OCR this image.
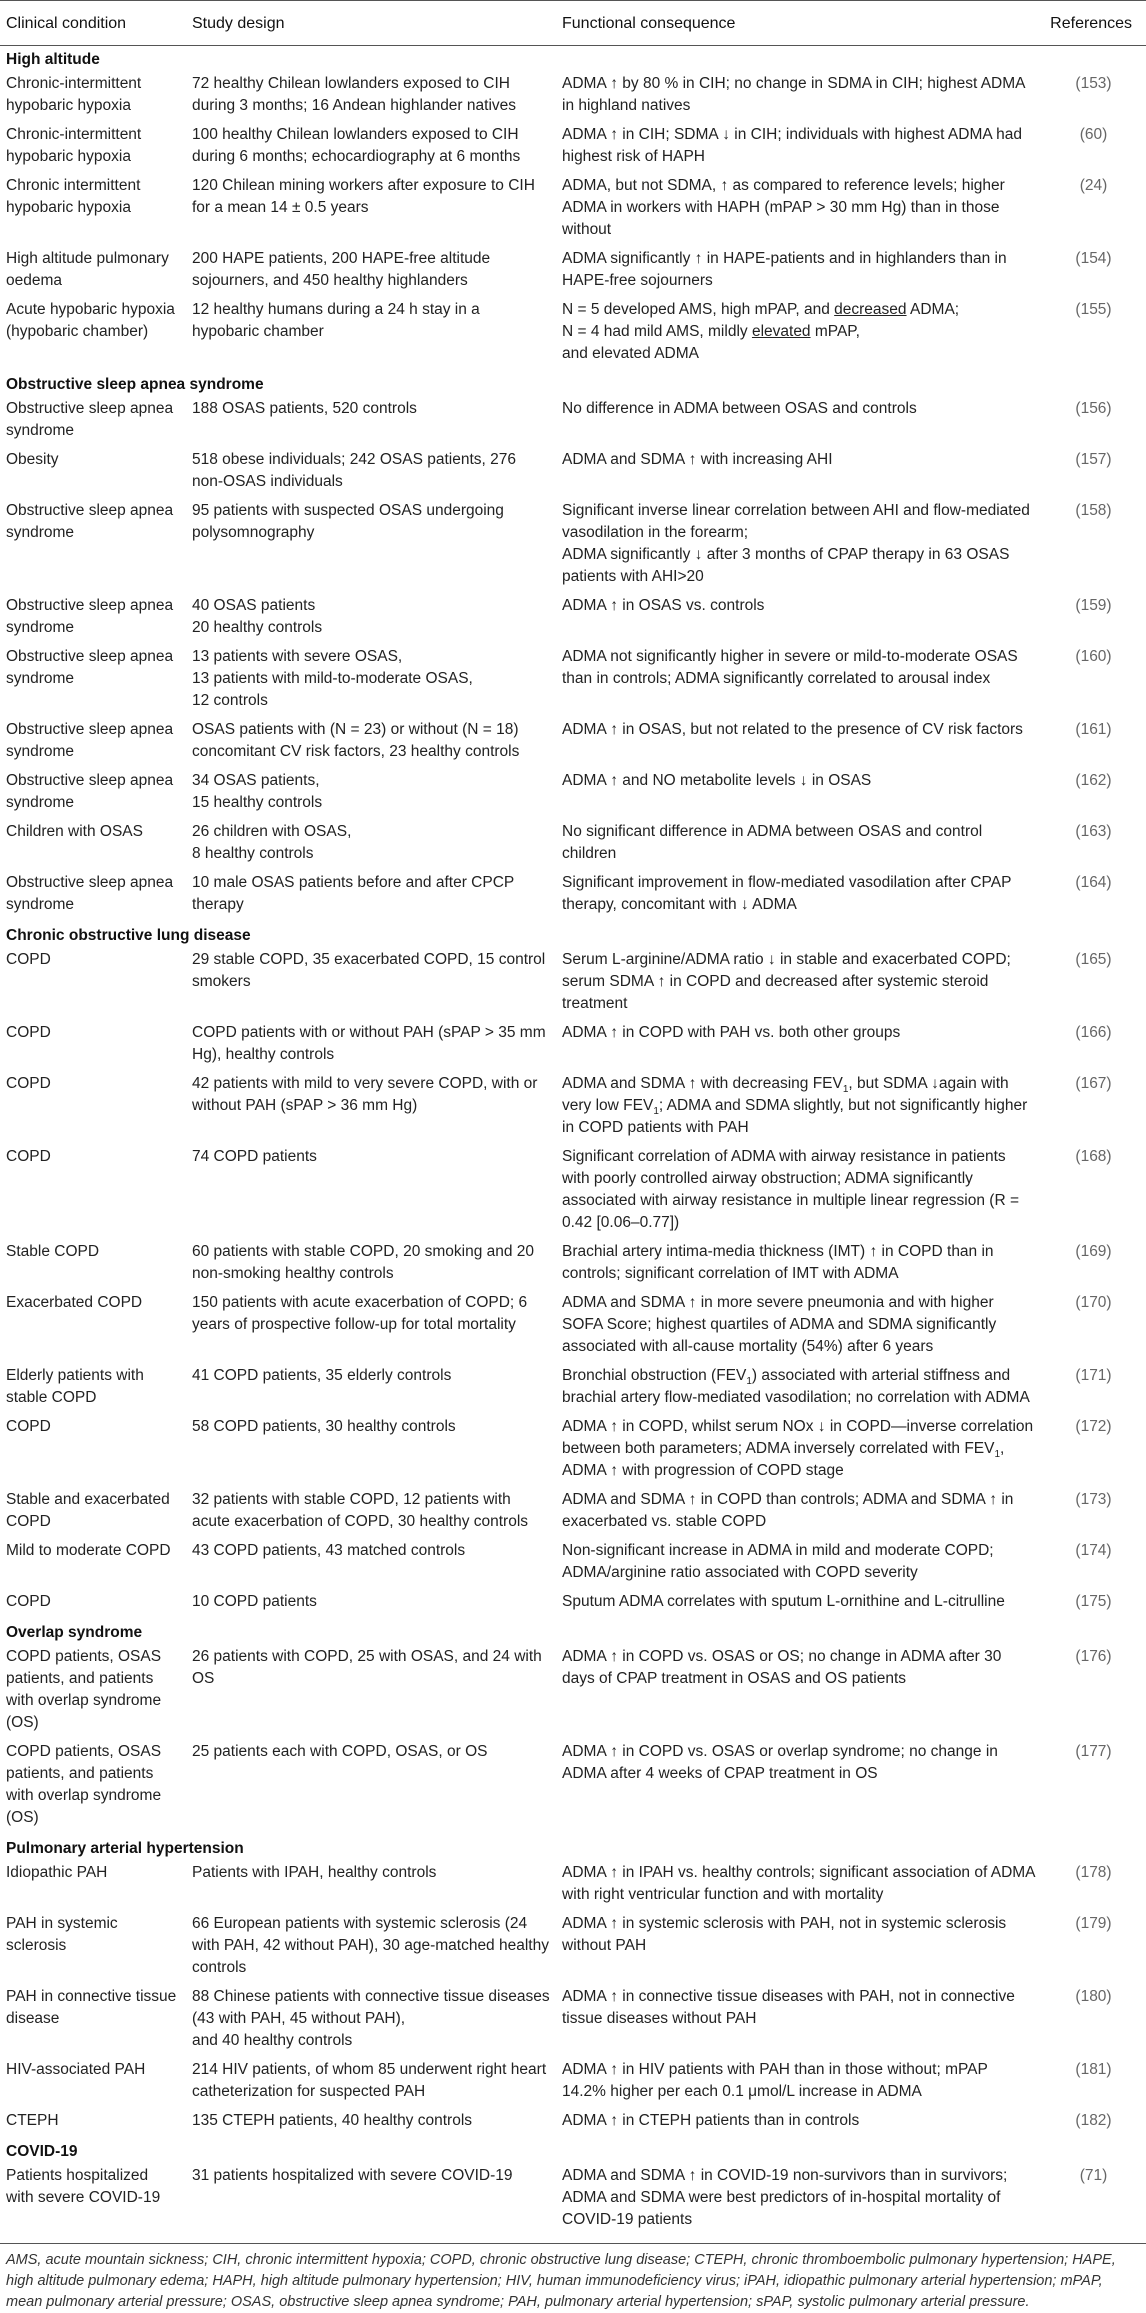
Clinical condition	Study design	Functional consequence	References
High altitude			
Chronic-intermittent hypobaric hypoxia	72 healthy Chilean lowlanders exposed to CIH during 3 months; 16 Andean highlander natives	ADMA ↑ by 80 % in CIH; no change in SDMA in CIH; highest ADMA in highland natives	(153)
Chronic-intermittent hypobaric hypoxia	100 healthy Chilean lowlanders exposed to CIH during 6 months; echocardiography at 6 months	ADMA ↑ in CIH; SDMA ↓ in CIH; individuals with highest ADMA had highest risk of HAPH	(60)
Chronic intermittent hypobaric hypoxia	120 Chilean mining workers after exposure to CIH for a mean 14 ± 0.5 years	ADMA, but not SDMA, ↑ as compared to reference levels; higher ADMA in workers with HAPH (mPAP > 30 mm Hg) than in those without	(24)
High altitude pulmonary oedema	200 HAPE patients, 200 HAPE-free altitude sojourners, and 450 healthy highlanders	ADMA significantly ↑ in HAPE-patients and in highlanders than in HAPE-free sojourners	(154)
Acute hypobaric hypoxia (hypobaric chamber)	12 healthy humans during a 24 h stay in a hypobaric chamber	N = 5 developed AMS, high mPAP, and decreased ADMA;
N = 4 had mild AMS, mildly elevated mPAP,
and elevated ADMA	(155)
Obstructive sleep apnea syndrome			
Obstructive sleep apnea syndrome	188 OSAS patients, 520 controls	No difference in ADMA between OSAS and controls	(156)
Obesity	518 obese individuals; 242 OSAS patients, 276 non-OSAS individuals	ADMA and SDMA ↑ with increasing AHI	(157)
Obstructive sleep apnea syndrome	95 patients with suspected OSAS undergoing polysomnography	Significant inverse linear correlation between AHI and flow-mediated vasodilation in the forearm;
ADMA significantly ↓ after 3 months of CPAP therapy in 63 OSAS patients with AHI>20	(158)
Obstructive sleep apnea syndrome	40 OSAS patients
20 healthy controls	ADMA ↑ in OSAS vs. controls	(159)
Obstructive sleep apnea syndrome	13 patients with severe OSAS,
13 patients with mild-to-moderate OSAS,
12 controls	ADMA not significantly higher in severe or mild-to-moderate OSAS than in controls; ADMA significantly correlated to arousal index	(160)
Obstructive sleep apnea syndrome	OSAS patients with (N = 23) or without (N = 18) concomitant CV risk factors, 23 healthy controls	ADMA ↑ in OSAS, but not related to the presence of CV risk factors	(161)
Obstructive sleep apnea syndrome	34 OSAS patients,
15 healthy controls	ADMA ↑ and NO metabolite levels ↓ in OSAS	(162)
Children with OSAS	26 children with OSAS,
8 healthy controls	No significant difference in ADMA between OSAS and control children	(163)
Obstructive sleep apnea syndrome	10 male OSAS patients before and after CPCP therapy	Significant improvement in flow-mediated vasodilation after CPAP therapy, concomitant with ↓ ADMA	(164)
Chronic obstructive lung disease			
COPD	29 stable COPD, 35 exacerbated COPD, 15 control smokers	Serum L-arginine/ADMA ratio ↓ in stable and exacerbated COPD; serum SDMA ↑ in COPD and decreased after systemic steroid treatment	(165)
COPD	COPD patients with or without PAH (sPAP > 35 mm Hg), healthy controls	ADMA ↑ in COPD with PAH vs. both other groups	(166)
COPD	42 patients with mild to very severe COPD, with or without PAH (sPAP > 36 mm Hg)	ADMA and SDMA ↑ with decreasing $FEV_1$, but SDMA ↓again with very low $FEV_1$; ADMA and SDMA slightly, but not significantly higher in COPD patients with PAH	(167)
COPD	74 COPD patients	Significant correlation of ADMA with airway resistance in patients with poorly controlled airway obstruction; ADMA significantly associated with airway resistance in multiple linear regression (R = 0.42 [0.06–0.77])	(168)
Stable COPD	60 patients with stable COPD, 20 smoking and 20 non-smoking healthy controls	Brachial artery intima-media thickness (IMT) ↑ in COPD than in controls; significant correlation of IMT with ADMA	(169)
Exacerbated COPD	150 patients with acute exacerbation of COPD; 6 years of prospective follow-up for total mortality	ADMA and SDMA ↑ in more severe pneumonia and with higher SOFA Score; highest quartiles of ADMA and SDMA significantly associated with all-cause mortality (54%) after 6 years	(170)
Elderly patients with stable COPD	41 COPD patients, 35 elderly controls	Bronchial obstruction $(FEV_1)$ associated with arterial stiffness and brachial artery flow-mediated vasodilation; no correlation with ADMA	(171)
COPD	58 COPD patients, 30 healthy controls	ADMA ↑ in COPD, whilst serum NOx ↓ in COPD—inverse correlation between both parameters; ADMA inversely correlated with $FEV_1$, ADMA ↑ with progression of COPD stage	(172)
Stable and exacerbated COPD	32 patients with stable COPD, 12 patients with acute exacerbation of COPD, 30 healthy controls	ADMA and SDMA ↑ in COPD than controls; ADMA and SDMA ↑ in exacerbated vs. stable COPD	(173)
Mild to moderate COPD	43 COPD patients, 43 matched controls	Non-significant increase in ADMA in mild and moderate COPD; ADMA/arginine ratio associated with COPD severity	(174)
COPD	10 COPD patients	Sputum ADMA correlates with sputum L-ornithine and L-citrulline	(175)
Overlap syndrome			
COPD patients, OSAS patients, and patients with overlap syndrome (OS)	26 patients with COPD, 25 with OSAS, and 24 with OS	ADMA ↑ in COPD vs. OSAS or OS; no change in ADMA after 30 days of CPAP treatment in OSAS and OS patients	(176)
COPD patients, OSAS patients, and patients with overlap syndrome (OS)	25 patients each with COPD, OSAS, or OS	ADMA ↑ in COPD vs. OSAS or overlap syndrome; no change in ADMA after 4 weeks of CPAP treatment in OS	(177)
Pulmonary arterial hypertension			
Idiopathic PAH	Patients with IPAH, healthy controls	ADMA ↑ in IPAH vs. healthy controls; significant association of ADMA with right ventricular function and with mortality	(178)
PAH in systemic sclerosis	66 European patients with systemic sclerosis (24 with PAH, 42 without PAH), 30 age-matched healthy controls	ADMA ↑ in systemic sclerosis with PAH, not in systemic sclerosis without PAH	(179)
PAH in connective tissue disease	88 Chinese patients with connective tissue diseases (43 with PAH, 45 without PAH),
and 40 healthy controls	ADMA ↑ in connective tissue diseases with PAH, not in connective tissue diseases without PAH	(180)
HIV-associated PAH	214 HIV patients, of whom 85 underwent right heart catheterization for suspected PAH	ADMA ↑ in HIV patients with PAH than in those without; mPAP 14.2% higher per each 0.1 μmol/L increase in ADMA	(181)
CTEPH	135 CTEPH patients, 40 healthy controls	ADMA ↑ in CTEPH patients than in controls	(182)
COVID-19			
Patients hospitalized with severe COVID-19	31 patients hospitalized with severe COVID-19	ADMA and SDMA ↑ in COVID-19 non-survivors than in survivors; ADMA and SDMA were best predictors of in-hospital mortality of COVID-19 patients	(71)
AMS, acute mountain sickness; CIH, chronic intermittent hypoxia; COPD, chronic obstructive lung disease; CTEPH, chronic thromboembolic pulmonary hypertension; HAPE, high altitude pulmonary edema; HAPH, high altitude pulmonary hypertension; HIV, human immunodeficiency virus; iPAH, idiopathic pulmonary arterial hypertension; mPAP, mean pulmonary arterial pressure; OSAS, obstructive sleep apnea syndrome; PAH, pulmonary arterial hypertension; sPAP, systolic pulmonary arterial pressure.
